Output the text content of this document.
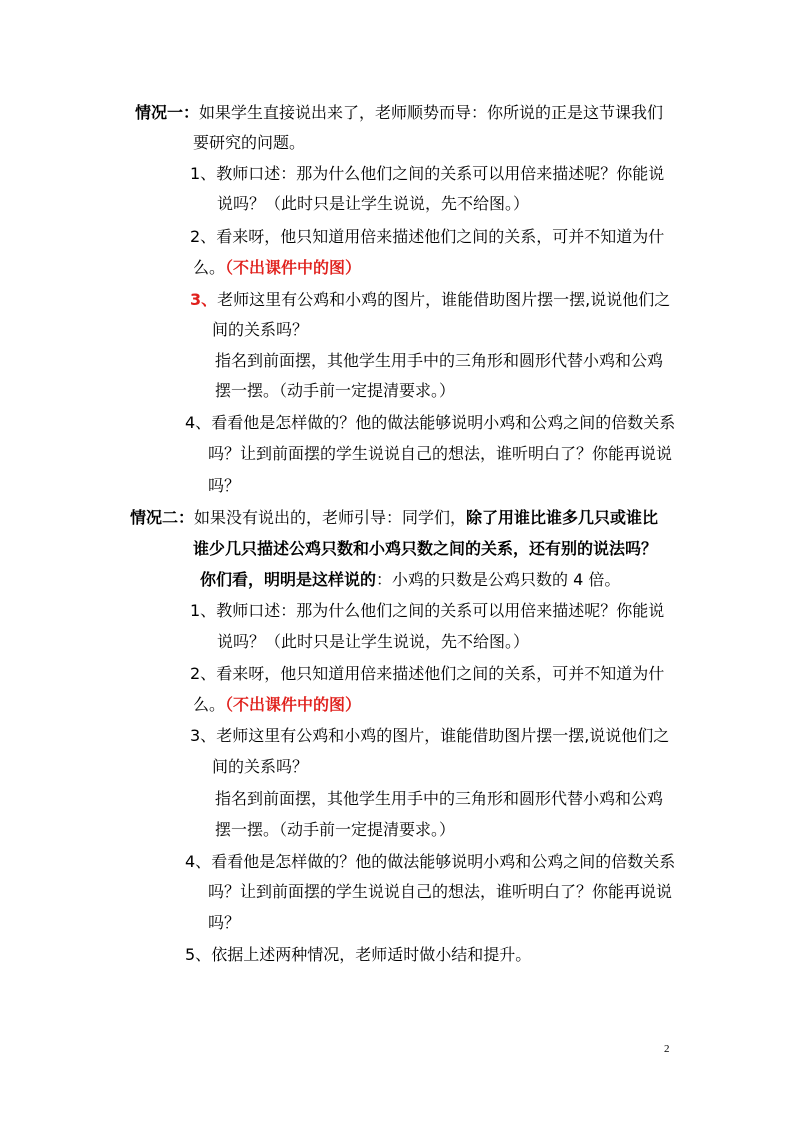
情况一：如果学生直接说出来了，老师顺势而导：你所说的正是这节课我们
要研究的问题。
1、教师口述：那为什么他们之间的关系可以用倍来描述呢？你能说
说吗？（此时只是让学生说说，先不给图。）
2、看来呀，他只知道用倍来描述他们之间的关系，可并不知道为什
么。（不出课件中的图）
3、老师这里有公鸡和小鸡的图片，谁能借助图片摆一摆,说说他们之
间的关系吗？
指名到前面摆，其他学生用手中的三角形和圆形代替小鸡和公鸡
摆一摆。（动手前一定提清要求。）
4、看看他是怎样做的？他的做法能够说明小鸡和公鸡之间的倍数关系
吗？让到前面摆的学生说说自己的想法，谁听明白了？你能再说说
吗？
情况二：如果没有说出的，老师引导：同学们，除了用谁比谁多几只或谁比
谁少几只描述公鸡只数和小鸡只数之间的关系，还有别的说法吗？
你们看，明明是这样说的：小鸡的只数是公鸡只数的 4 倍。
1、教师口述：那为什么他们之间的关系可以用倍来描述呢？你能说
说吗？（此时只是让学生说说，先不给图。）
2、看来呀，他只知道用倍来描述他们之间的关系，可并不知道为什
么。（不出课件中的图）
3、老师这里有公鸡和小鸡的图片，谁能借助图片摆一摆,说说他们之
间的关系吗？
指名到前面摆，其他学生用手中的三角形和圆形代替小鸡和公鸡
摆一摆。（动手前一定提清要求。）
4、看看他是怎样做的？他的做法能够说明小鸡和公鸡之间的倍数关系
吗？让到前面摆的学生说说自己的想法，谁听明白了？你能再说说
吗？
5、依据上述两种情况，老师适时做小结和提升。
2
